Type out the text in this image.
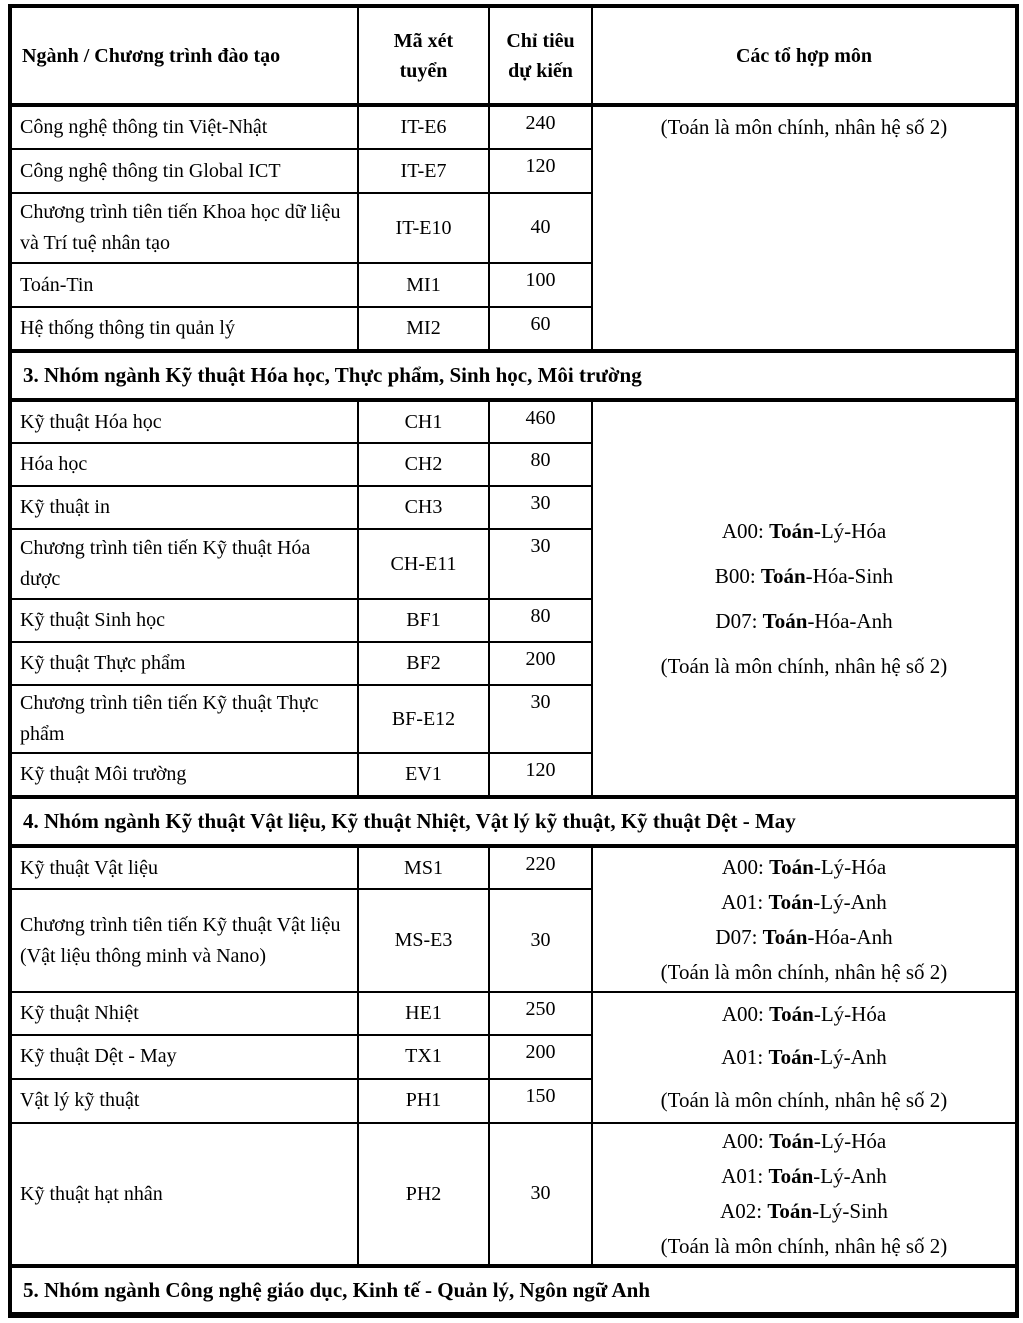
Ngành / Chương trình đào tạo	Mã xét tuyển	Chỉ tiêu dự kiến	Các tổ hợp môn
Công nghệ thông tin Việt-Nhật	IT-E6	240	(Toán là môn chính, nhân hệ số 2)

Công nghệ thông tin Global ICT	IT-E7	120	
Chương trình tiên tiến Khoa học dữ liệu và Trí tuệ nhân tạo	IT-E10	40	
Toán-Tin	MI1	100	
Hệ thống thông tin quản lý	MI2	60	
3. Nhóm ngành Kỹ thuật Hóa học, Thực phẩm, Sinh học, Môi trường			
Kỹ thuật Hóa học	CH1	460	A00: Toán-Lý-Hóa
B00: Toán-Hóa-Sinh
D07: Toán-Hóa-Anh
(Toán là môn chính, nhân hệ số 2)

Hóa học	CH2	80	
Kỹ thuật in	CH3	30	
Chương trình tiên tiến Kỹ thuật Hóa dược	CH-E11	30	
Kỹ thuật Sinh học	BF1	80	
Kỹ thuật Thực phẩm	BF2	200	
Chương trình tiên tiến Kỹ thuật Thực phẩm	BF-E12	30	
Kỹ thuật Môi trường	EV1	120	
4. Nhóm ngành Kỹ thuật Vật liệu, Kỹ thuật Nhiệt, Vật lý kỹ thuật, Kỹ thuật Dệt - May			
Kỹ thuật Vật liệu	MS1	220	A00: Toán-Lý-Hóa
A01: Toán-Lý-Anh
D07: Toán-Hóa-Anh
(Toán là môn chính, nhân hệ số 2)

Chương trình tiên tiến Kỹ thuật Vật liệu (Vật liệu thông minh và Nano)	MS-E3	30	
Kỹ thuật Nhiệt	HE1	250	A00: Toán-Lý-Hóa
A01: Toán-Lý-Anh
(Toán là môn chính, nhân hệ số 2)

Kỹ thuật Dệt - May	TX1	200	
Vật lý kỹ thuật	PH1	150	
Kỹ thuật hạt nhân	PH2	30	A00: Toán-Lý-Hóa
A01: Toán-Lý-Anh
A02: Toán-Lý-Sinh
(Toán là môn chính, nhân hệ số 2)

5. Nhóm ngành Công nghệ giáo dục, Kinh tế - Quản lý, Ngôn ngữ Anh			
